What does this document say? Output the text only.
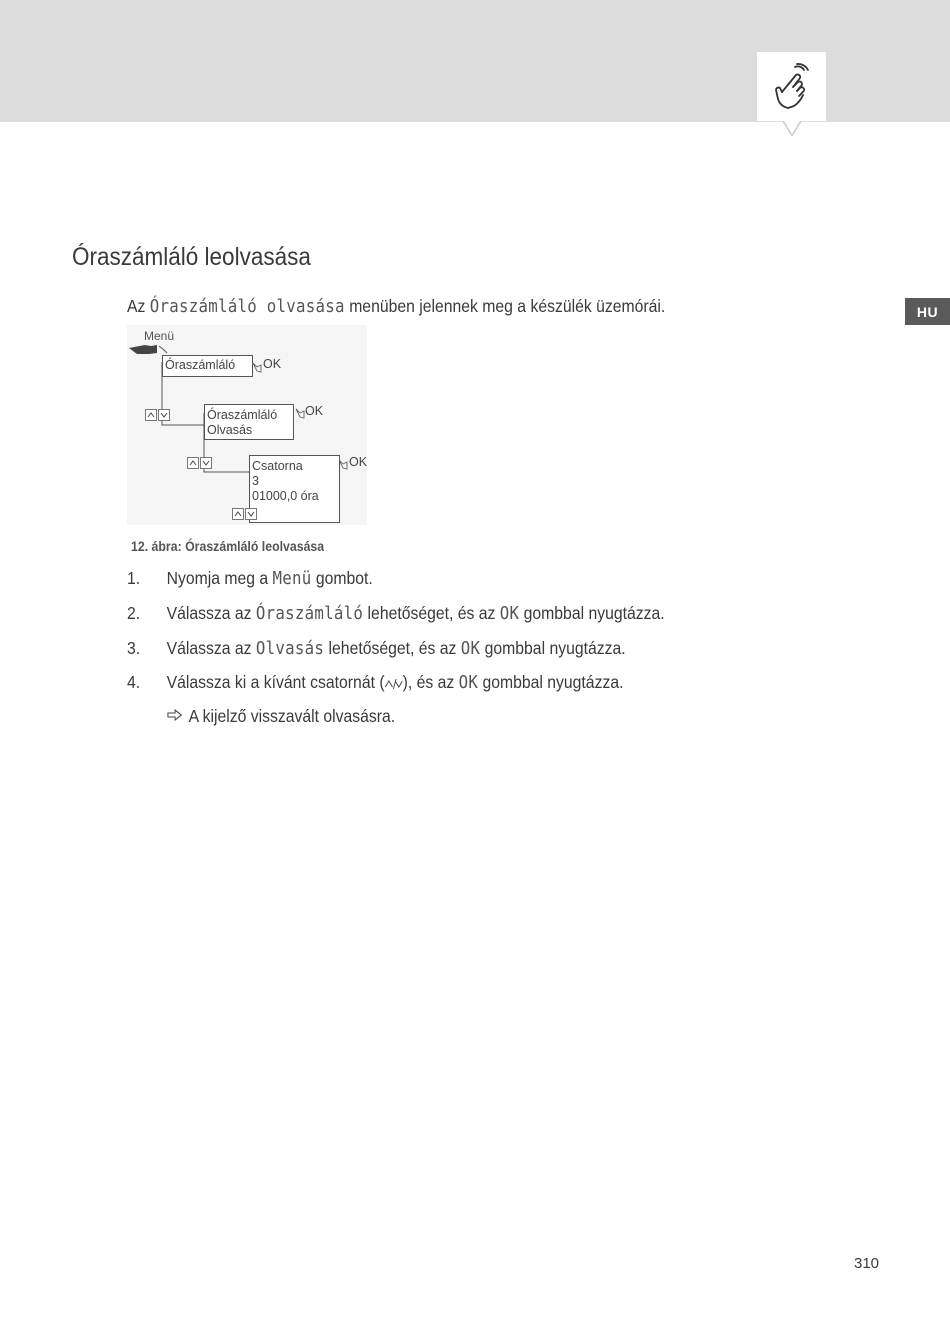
HU
Óraszámláló leolvasása
Az Óraszámláló olvasása menüben jelennek meg a készülék üzemórái.
Menü
Óraszámláló	OK
Óraszámláló
Olvasás
OK
Csatorna
3
01000,0 óra
OK
12. ábra: Óraszámláló leolvasása
1. Nyomja meg a Menü gombot.
2. Válassza az Óraszámláló lehetőséget, és az OK gombbal nyugtázza.
3. Válassza az Olvasás lehetőséget, és az OK gombbal nyugtázza.
4. Válassza ki a kívánt csatornát ( ), és az OK gombbal nyugtázza.
A kijelző visszavált olvasásra.
310
